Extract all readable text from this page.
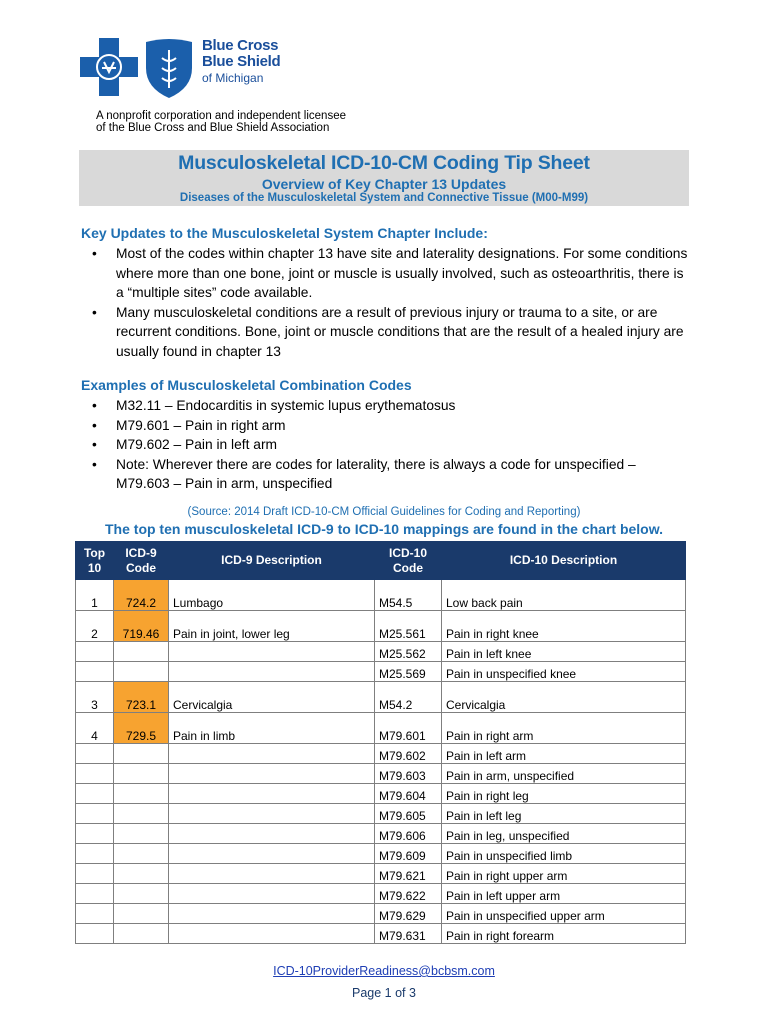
Blue Cross
Blue Shield
of Michigan
A nonprofit corporation and independent licensee
of the Blue Cross and Blue Shield Association
Musculoskeletal ICD-10-CM Coding Tip Sheet
Overview of Key Chapter 13 Updates
Diseases of the Musculoskeletal System and Connective Tissue (M00-M99)
Key Updates to the Musculoskeletal System Chapter Include:
• Most of the codes within chapter 13 have site and laterality designations. For some conditions where more than one bone, joint or muscle is usually involved, such as osteoarthritis, there is a “multiple sites” code available.
• Many musculoskeletal conditions are a result of previous injury or trauma to a site, or are recurrent conditions. Bone, joint or muscle conditions that are the result of a healed injury are usually found in chapter 13
Examples of Musculoskeletal Combination Codes
• M32.11 – Endocarditis in systemic lupus erythematosus
• M79.601 – Pain in right arm
• M79.602 – Pain in left arm
• Note: Wherever there are codes for laterality, there is always a code for unspecified – M79.603 – Pain in arm, unspecified
(Source: 2014 Draft ICD-10-CM Official Guidelines for Coding and Reporting)
The top ten musculoskeletal ICD-9 to ICD-10 mappings are found in the chart below.
Top 10	ICD-9 Code	ICD-9 Description	ICD-10 Code	ICD-10 Description
1	724.2	Lumbago	M54.5	Low back pain
2	719.46	Pain in joint, lower leg	M25.561	Pain in right knee
			M25.562	Pain in left knee
			M25.569	Pain in unspecified knee
3	723.1	Cervicalgia	M54.2	Cervicalgia
4	729.5	Pain in limb	M79.601	Pain in right arm
			M79.602	Pain in left arm
			M79.603	Pain in arm, unspecified
			M79.604	Pain in right leg
			M79.605	Pain in left leg
			M79.606	Pain in leg, unspecified
			M79.609	Pain in unspecified limb
			M79.621	Pain in right upper arm
			M79.622	Pain in left upper arm
			M79.629	Pain in unspecified upper arm
			M79.631	Pain in right forearm
ICD-10ProviderReadiness@bcbsm.com
Page 1 of 3
